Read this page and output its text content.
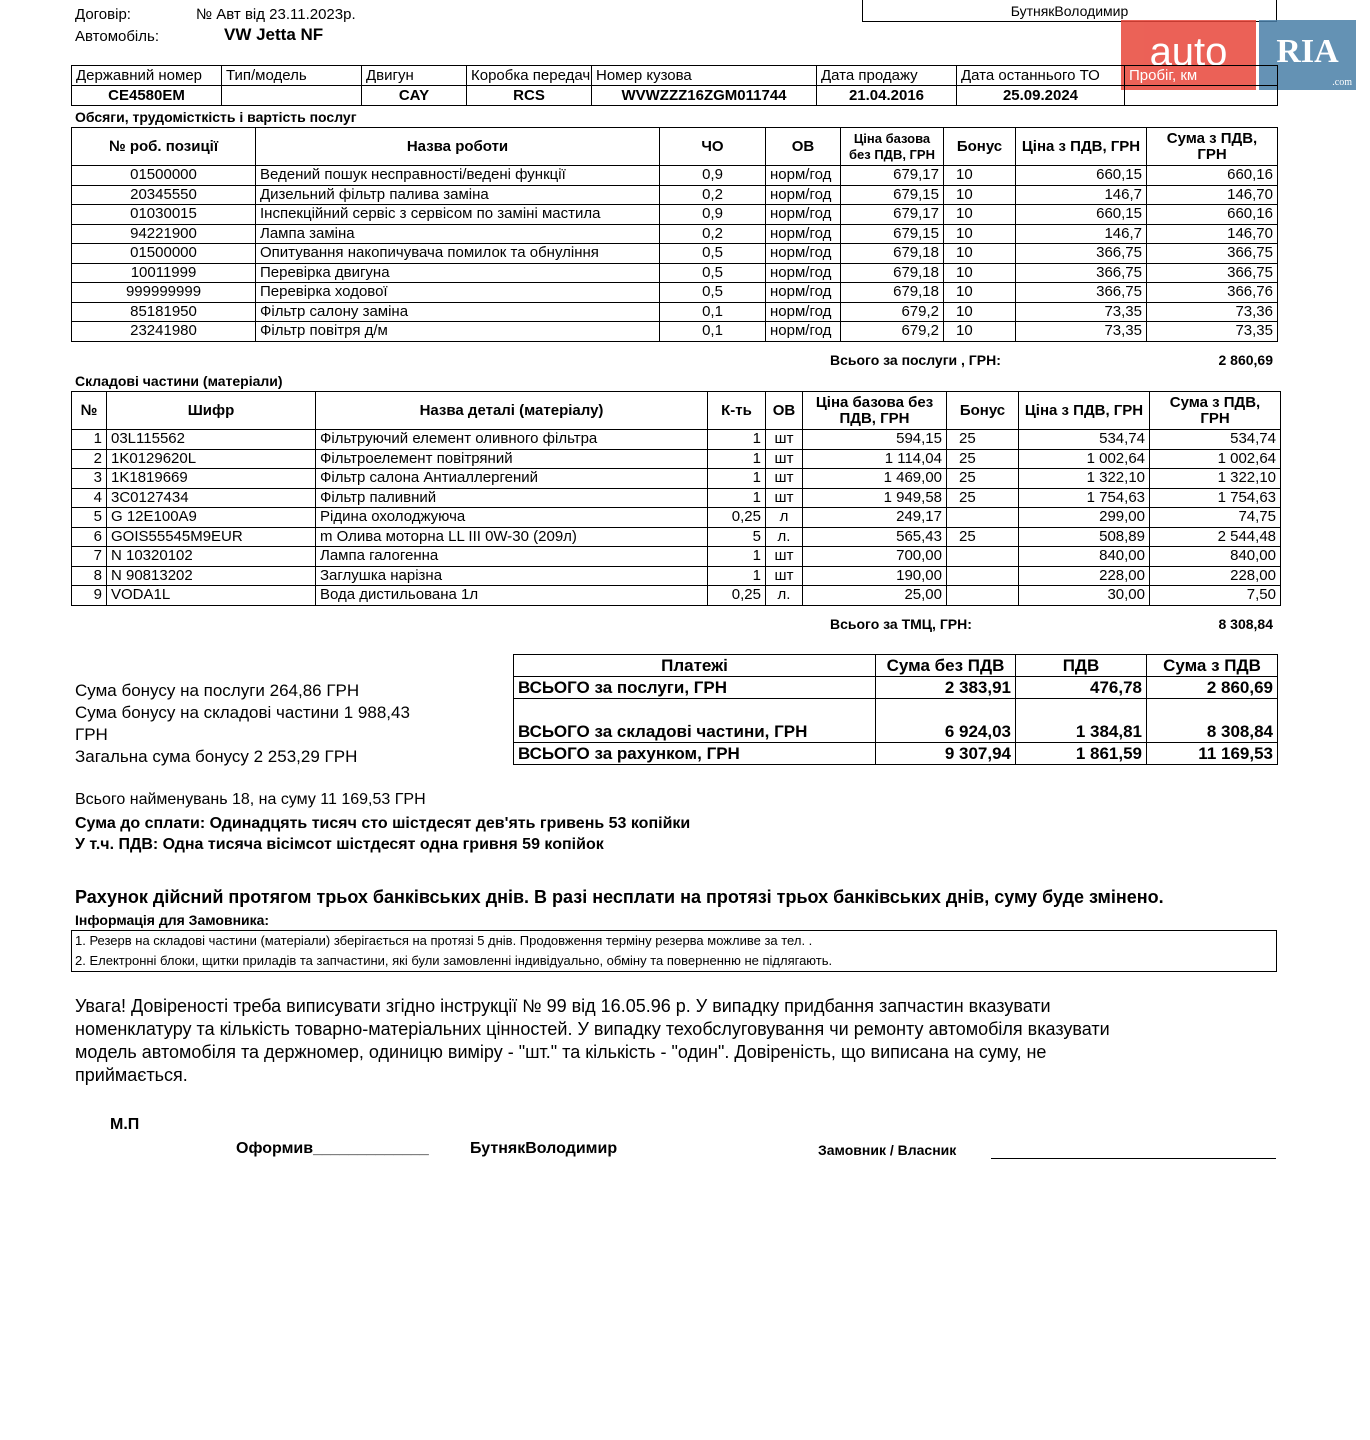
Договір:	№ Авт від 23.11.2023р.
Автомобіль:	VW Jetta NF
БутнякВолодимир
auto	RIA
.com
Державний номер	Тип/модель	Двигун	Коробка передач	Номер кузова	Дата продажу	Дата останнього ТО	Пробіг, км
CE4580EM		CAY	RCS	WVWZZZ16ZGM011744	21.04.2016	25.09.2024	
Обсяги, трудомісткість і вартість послуг
№ роб. позиції	Назва роботи	ЧО	ОВ	Ціна базова без ПДВ, ГРН	Бонус	Ціна з ПДВ, ГРН	Сума з ПДВ, ГРН
01500000	Ведений пошук несправності/ведені функції	0,9	норм/год	679,17	10	660,15	660,16
20345550	Дизельний фільтр палива заміна	0,2	норм/год	679,15	10	146,7	146,70
01030015	Інспекційний сервіс з сервісом по заміні мастила	0,9	норм/год	679,17	10	660,15	660,16
94221900	Лампа заміна	0,2	норм/год	679,15	10	146,7	146,70
01500000	Опитування накопичувача помилок та обнуління	0,5	норм/год	679,18	10	366,75	366,75
10011999	Перевірка двигуна	0,5	норм/год	679,18	10	366,75	366,75
999999999	Перевірка ходової	0,5	норм/год	679,18	10	366,75	366,76
85181950	Фільтр салону заміна	0,1	норм/год	679,2	10	73,35	73,36
23241980	Фільтр повітря д/м	0,1	норм/год	679,2	10	73,35	73,35
Всього за послуги , ГРН:	2 860,69
Складові частини (матеріали)
№	Шифр	Назва деталі (матеріалу)	К-ть	ОВ	Ціна базова без ПДВ, ГРН	Бонус	Ціна з ПДВ, ГРН	Сума з ПДВ, ГРН
1	03L115562	Фільтруючий елемент оливного фільтра	1	шт	594,15	25	534,74	534,74
2	1K0129620L	Фільтроелемент повітряний	1	шт	1 114,04	25	1 002,64	1 002,64
3	1K1819669	Фільтр салона Антиаллергений	1	шт	1 469,00	25	1 322,10	1 322,10
4	3C0127434	Фільтр паливний	1	шт	1 949,58	25	1 754,63	1 754,63
5	G 12E100A9	Рідина охолоджуюча	0,25	л	249,17		299,00	74,75
6	GOIS55545M9EUR	m Олива моторна LL III 0W-30 (209л)	5	л.	565,43	25	508,89	2 544,48
7	N 10320102	Лампа галогенна	1	шт	700,00		840,00	840,00
8	N 90813202	Заглушка нарізна	1	шт	190,00		228,00	228,00
9	VODA1L	Вода дистильована 1л	0,25	л.	25,00		30,00	7,50
Всього за ТМЦ, ГРН:	8 308,84
Сума бонусу на послуги 264,86 ГРН
Сума бонусу на складові частини 1 988,43
ГРН
Загальна сума бонусу 2 253,29 ГРН
Платежі	Сума без ПДВ	ПДВ	Сума з ПДВ
ВСЬОГО за послуги, ГРН	2 383,91	476,78	2 860,69
ВСЬОГО за складові частини, ГРН	6 924,03	1 384,81	8 308,84
ВСЬОГО за рахунком, ГРН	9 307,94	1 861,59	11 169,53
Всього найменувань 18, на суму 11 169,53 ГРН
Сума до сплати: Одинадцять тисяч сто шістдесят дев'ять гривень 53 копійки
У т.ч. ПДВ: Одна тисяча вісімсот шістдесят одна гривня 59 копійок
Рахунок дійсний протягом трьох банківських днів. В разі несплати на протязі трьох банківських днів, суму буде змінено.
Інформація для Замовника:
1. Резерв на складові частини (матеріали) зберігається на протязі 5 днів. Продовження терміну резерва можливе за тел. .
2. Електронні блоки, щитки приладів та запчастини, які були замовленні індивідуально, обміну та поверненню не підлягають.
Увага! Довіреності треба виписувати згідно інструкції № 99 від 16.05.96 р. У випадку придбання запчастин вказувати
номенклатуру та кількість товарно-матеріальних цінностей. У випадку техобслуговування чи ремонту автомобіля вказувати
модель автомобіля та держномер, одиницю виміру - "шт." та кількість - "один". Довіреність, що виписана на суму, не
приймається.
М.П
Оформив_____________	БутнякВолодимир	Замовник / Власник
